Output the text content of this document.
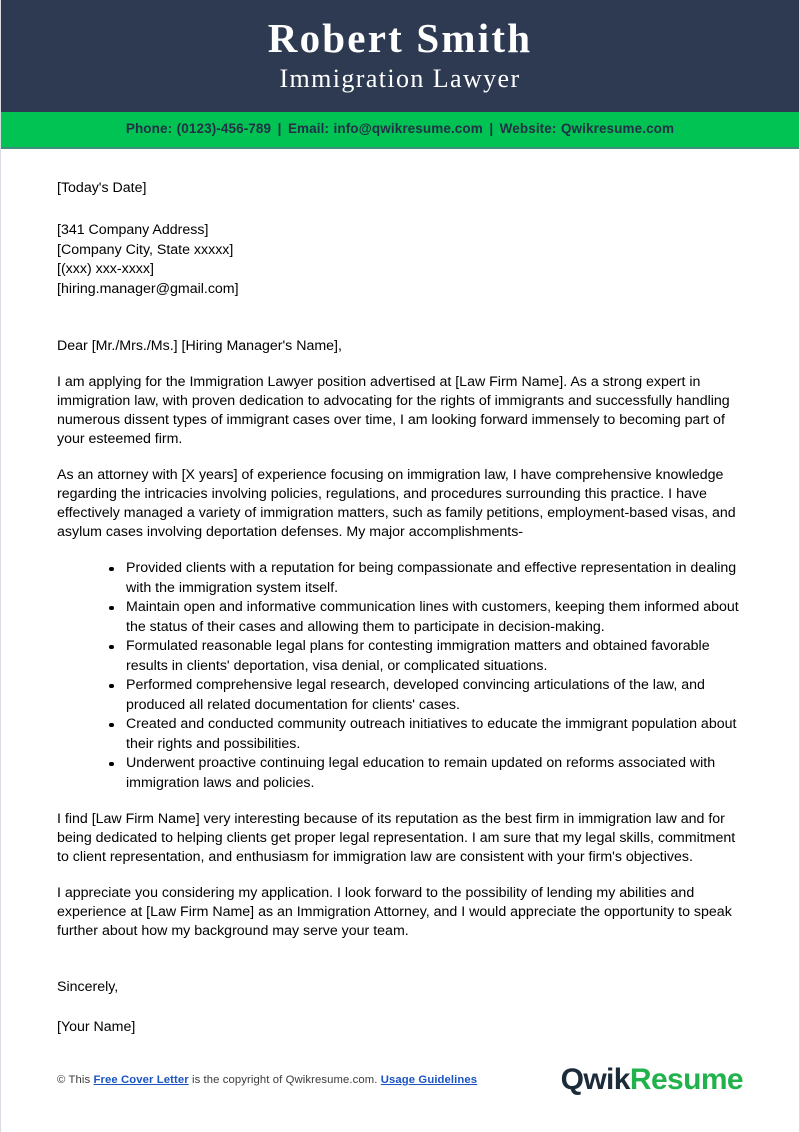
Robert Smith
Immigration Lawyer
Phone: (0123)-456-789 | Email: info@qwikresume.com | Website: Qwikresume.com
[Today's Date]
[341 Company Address]
[Company City, State xxxxx]
[(xxx) xxx-xxxx]
[hiring.manager@gmail.com]
Dear [Mr./Mrs./Ms.] [Hiring Manager's Name],

I am applying for the Immigration Lawyer position advertised at [Law Firm Name]. As a strong expert in immigration law, with proven dedication to advocating for the rights of immigrants and successfully handling numerous dissent types of immigrant cases over time, I am looking forward immensely to becoming part of your esteemed firm.

As an attorney with [X years] of experience focusing on immigration law, I have comprehensive knowledge regarding the intricacies involving policies, regulations, and procedures surrounding this practice. I have effectively managed a variety of immigration matters, such as family petitions, employment-based visas, and asylum cases involving deportation defenses. My major accomplishments-

Provided clients with a reputation for being compassionate and effective representation in dealing with the immigration system itself.
Maintain open and informative communication lines with customers, keeping them informed about the status of their cases and allowing them to participate in decision-making.
Formulated reasonable legal plans for contesting immigration matters and obtained favorable results in clients' deportation, visa denial, or complicated situations.
Performed comprehensive legal research, developed convincing articulations of the law, and produced all related documentation for clients' cases.
Created and conducted community outreach initiatives to educate the immigrant population about their rights and possibilities.
Underwent proactive continuing legal education to remain updated on reforms associated with immigration laws and policies.

I find [Law Firm Name] very interesting because of its reputation as the best firm in immigration law and for being dedicated to helping clients get proper legal representation. I am sure that my legal skills, commitment to client representation, and enthusiasm for immigration law are consistent with your firm's objectives.

I appreciate you considering my application. I look forward to the possibility of lending my abilities and experience at [Law Firm Name] as an Immigration Attorney, and I would appreciate the opportunity to speak further about how my background may serve your team.

Sincerely,
[Your Name]
© This Free Cover Letter is the copyright of Qwikresume.com. Usage Guidelines	QwikResume
